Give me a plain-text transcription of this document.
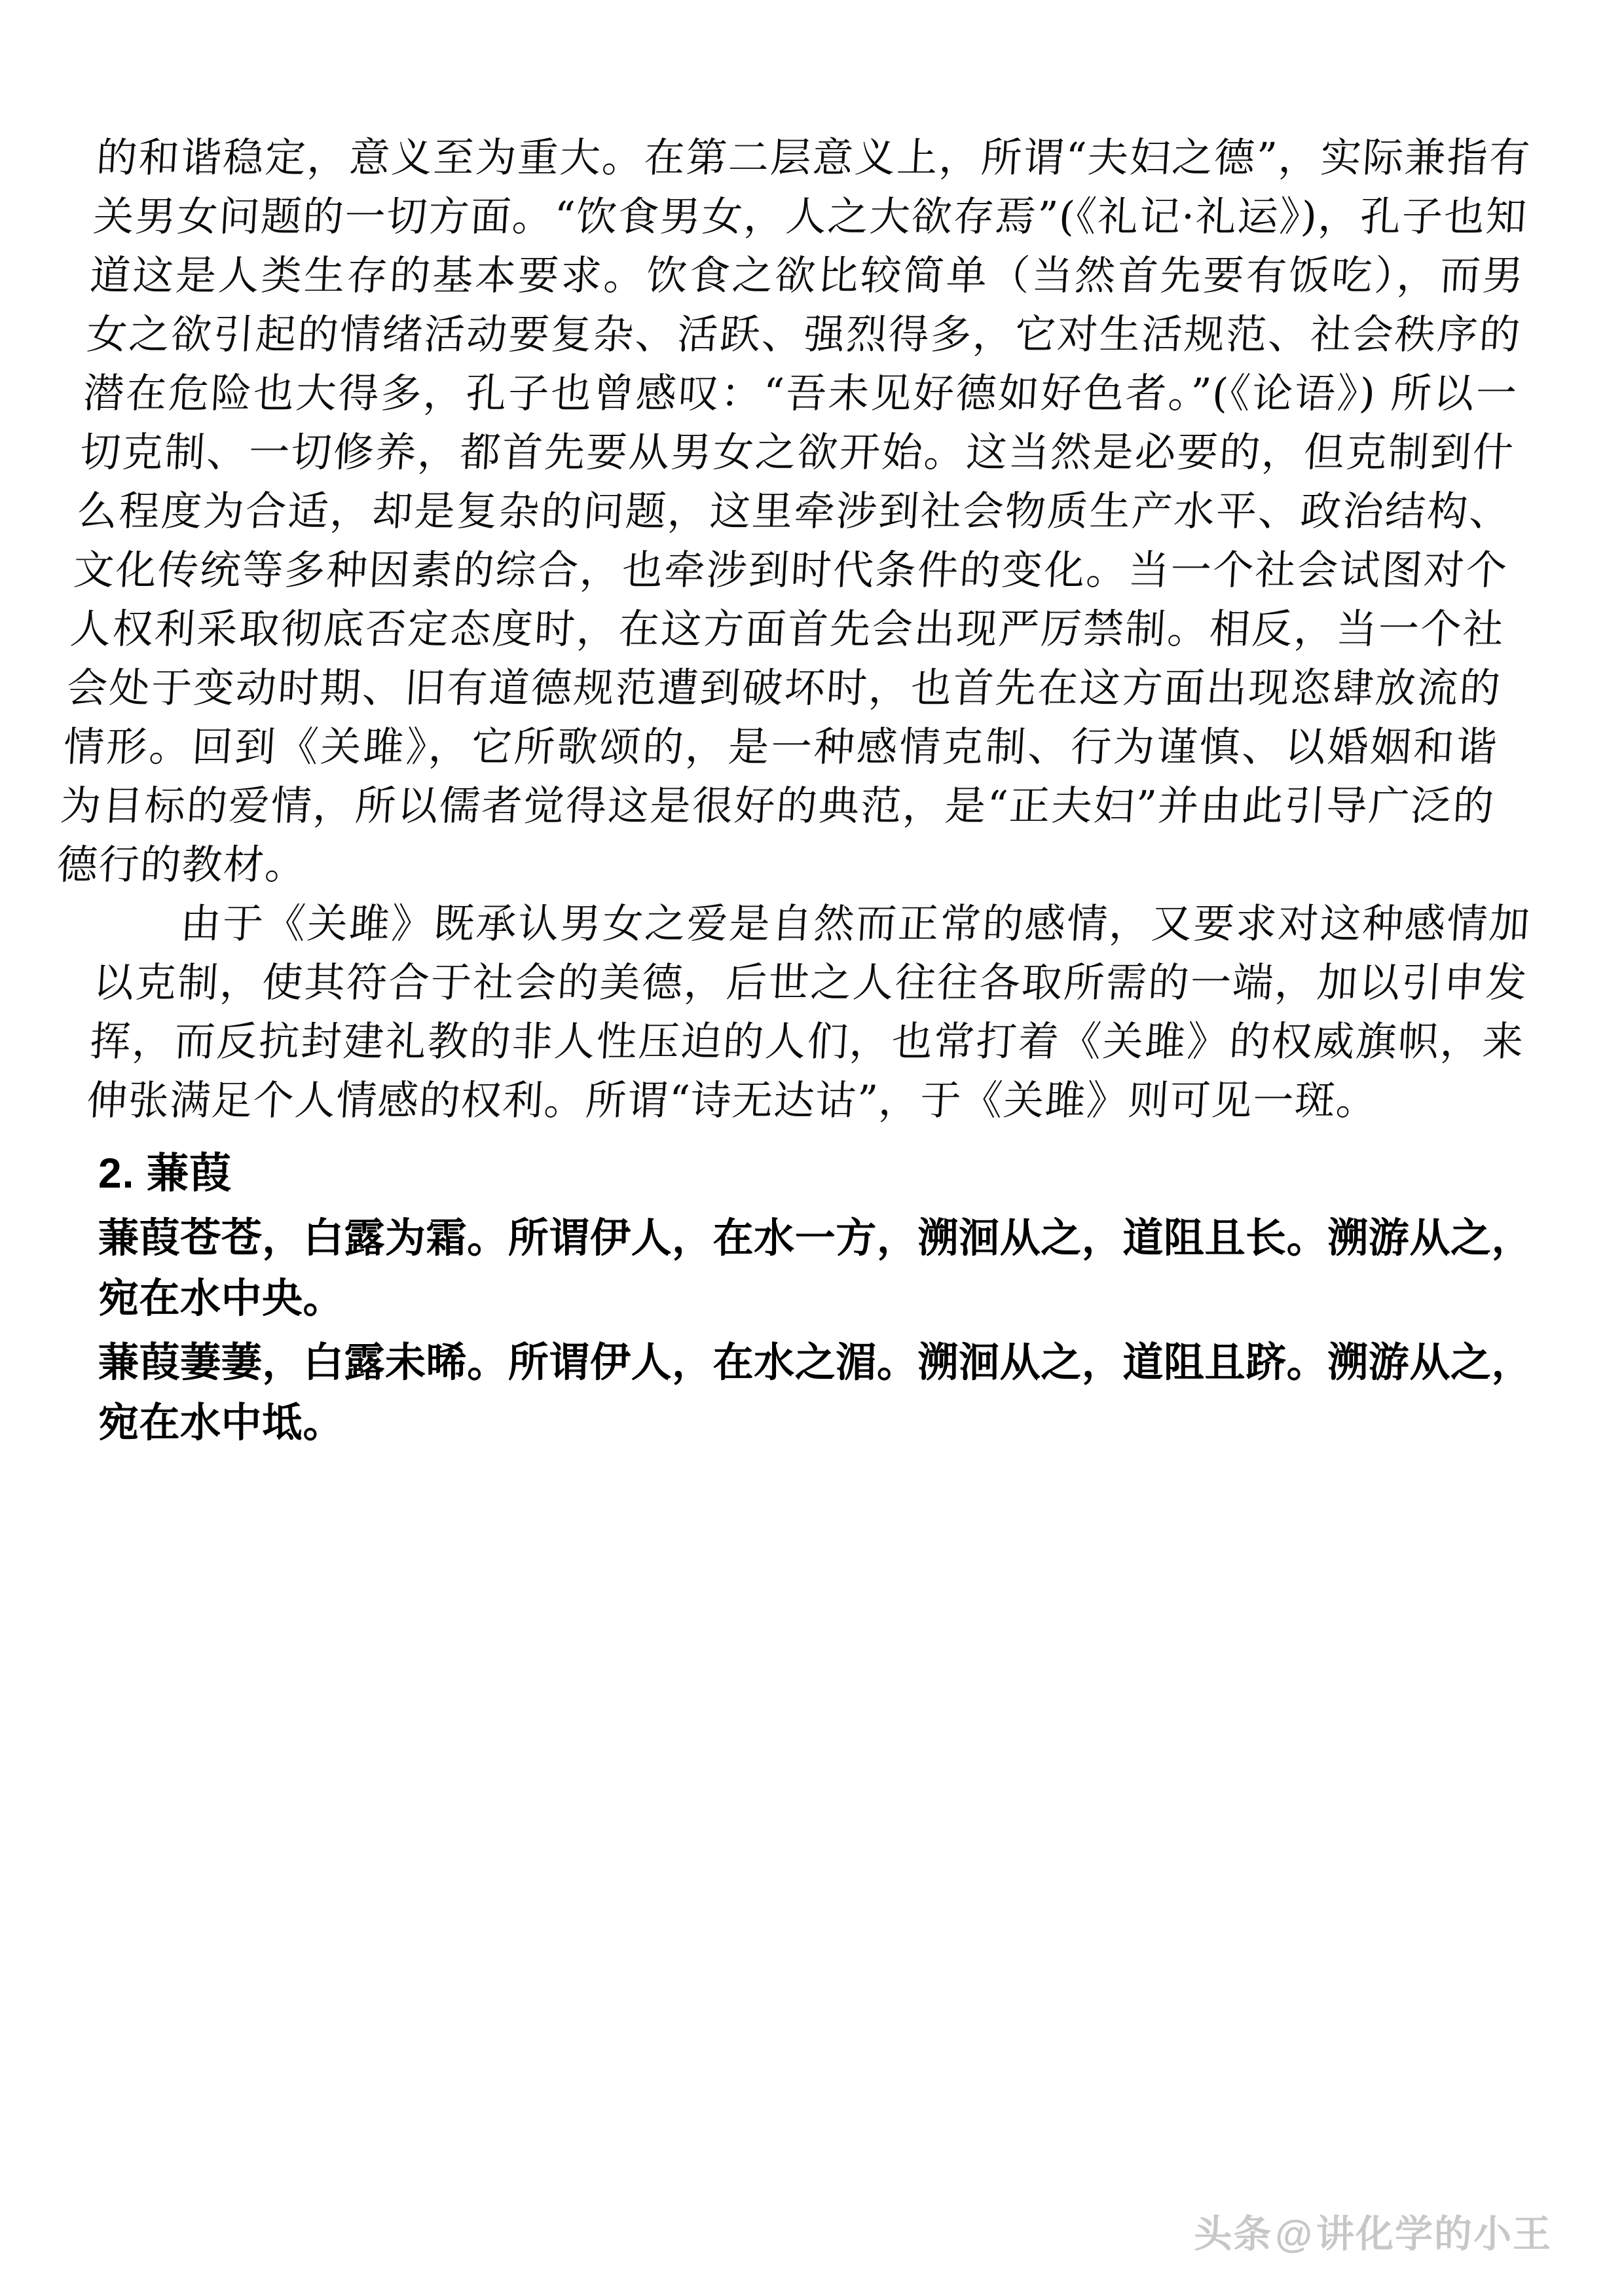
的和谐稳定，意义至为重大。在第二层意义上，所谓“夫妇之德”，实际兼指有关男女问题的一切方面。“饮食男女，人之大欲存焉”(《礼记·礼运》)，孔子也知道这是人类生存的基本要求。饮食之欲比较简单（当然首先要有饭吃），而男女之欲引起的情绪活动要复杂、活跃、强烈得多，它对生活规范、社会秩序的潜在危险也大得多，孔子也曾感叹：“吾未见好德如好色者。”(《论语》) 所以一切克制、一切修养，都首先要从男女之欲开始。这当然是必要的，但克制到什么程度为合适，却是复杂的问题，这里牵涉到社会物质生产水平、政治结构、文化传统等多种因素的综合，也牵涉到时代条件的变化。当一个社会试图对个人权利采取彻底否定态度时，在这方面首先会出现严厉禁制。相反，当一个社会处于变动时期、旧有道德规范遭到破坏时，也首先在这方面出现恣肆放流的情形。回到《关雎》，它所歌颂的，是一种感情克制、行为谨慎、以婚姻和谐为目标的爱情，所以儒者觉得这是很好的典范，是“正夫妇”并由此引导广泛的德行的教材。

由于《关雎》既承认男女之爱是自然而正常的感情，又要求对这种感情加以克制，使其符合于社会的美德，后世之人往往各取所需的一端，加以引申发挥，而反抗封建礼教的非人性压迫的人们，也常打着《关雎》的权威旗帜，来伸张满足个人情感的权利。所谓“诗无达诂”，于《关雎》则可见一斑。

2. 蒹葭

蒹葭苍苍，白露为霜。所谓伊人，在水一方，溯洄从之，道阻且长。溯游从之，宛在水中央。

蒹葭萋萋，白露未晞。所谓伊人，在水之湄。溯洄从之，道阻且跻。溯游从之，宛在水中坻。

头条@讲化学的小王
